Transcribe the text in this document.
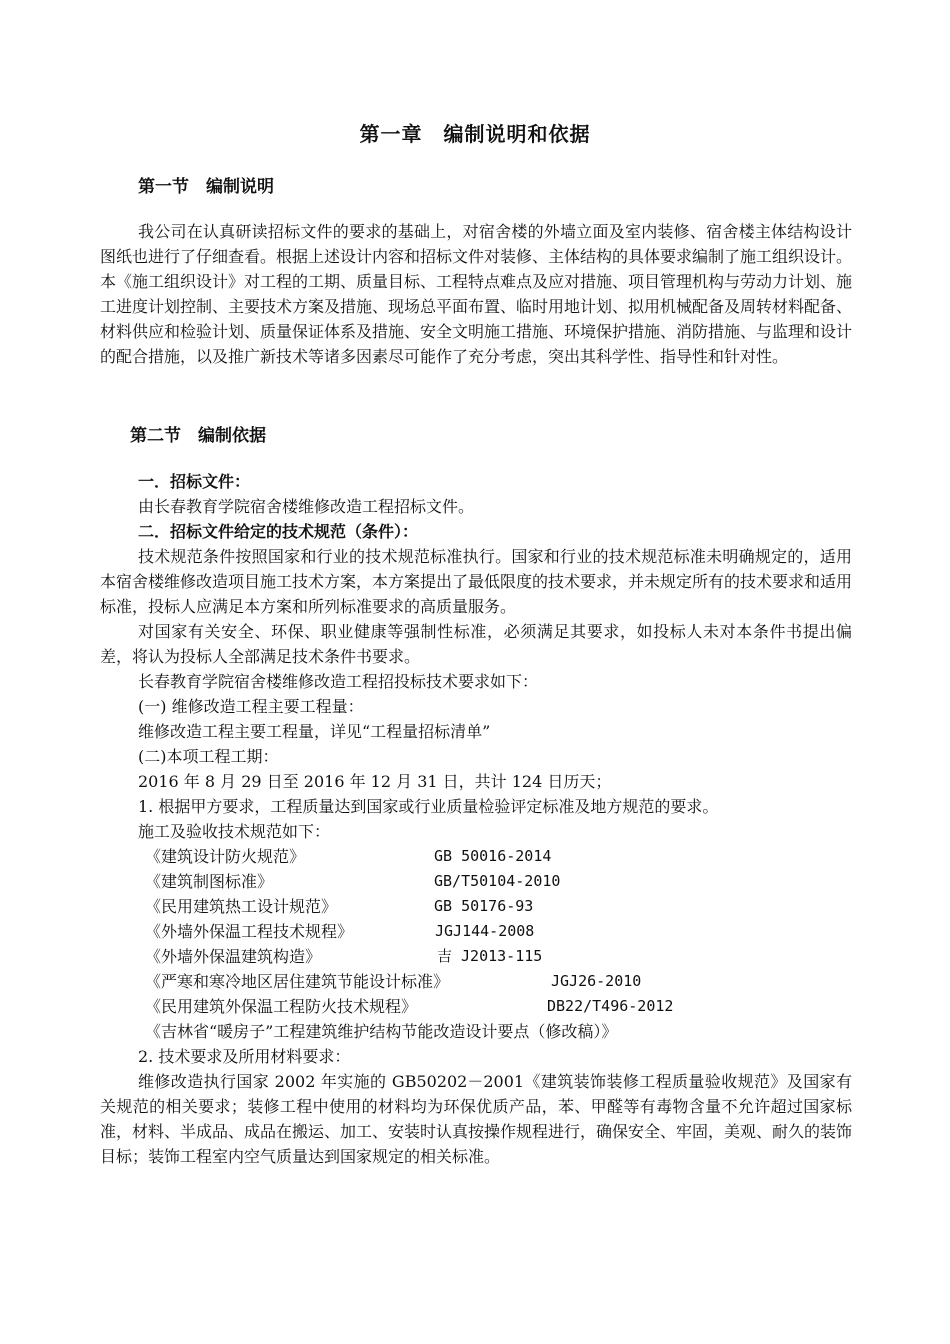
第一章　编制说明和依据
第一节　编制说明

我公司在认真研读招标文件的要求的基础上，对宿舍楼的外墙立面及室内装修、宿舍楼主体结构设计图纸也进行了仔细查看。根据上述设计内容和招标文件对装修、主体结构的具体要求编制了施工组织设计。本《施工组织设计》对工程的工期、质量目标、工程特点难点及应对措施、项目管理机构与劳动力计划、施工进度计划控制、主要技术方案及措施、现场总平面布置、临时用地计划、拟用机械配备及周转材料配备、材料供应和检验计划、质量保证体系及措施、安全文明施工措施、环境保护措施、消防措施、与监理和设计的配合措施，以及推广新技术等诸多因素尽可能作了充分考虑，突出其科学性、指导性和针对性。

第二节　编制依据
一．招标文件：
由长春教育学院宿舍楼维修改造工程招标文件。
二．招标文件给定的技术规范（条件）：

技术规范条件按照国家和行业的技术规范标准执行。国家和行业的技术规范标准未明确规定的，适用本宿舍楼维修改造项目施工技术方案，本方案提出了最低限度的技术要求，并未规定所有的技术要求和适用标准，投标人应满足本方案和所列标准要求的高质量服务。

对国家有关安全、环保、职业健康等强制性标准，必须满足其要求，如投标人未对本条件书提出偏差，将认为投标人全部满足技术条件书要求。

长春教育学院宿舍楼维修改造工程招投标技术要求如下：
(一) 维修改造工程主要工程量：
维修改造工程主要工程量，详见“工程量招标清单”
(二)本项工程工期：
2016 年 8 月 29 日至 2016 年 12 月 31 日，共计 124 日历天；
1. 根据甲方要求，工程质量达到国家或行业质量检验评定标准及地方规范的要求。
施工及验收技术规范如下：
《建筑设计防火规范》	GB 50016-2014
《建筑制图标准》	GB/T50104-2010
《民用建筑热工设计规范》	GB 50176-93
《外墙外保温工程技术规程》	JGJ144-2008
《外墙外保温建筑构造》	吉 J2013-115
《严寒和寒冷地区居住建筑节能设计标准》	JGJ26-2010
《民用建筑外保温工程防火技术规程》	DB22/T496-2012
《吉林省“暖房子”工程建筑维护结构节能改造设计要点（修改稿）》
2. 技术要求及所用材料要求：

维修改造执行国家 2002 年实施的 GB50202－2001《建筑装饰装修工程质量验收规范》及国家有关规范的相关要求；装修工程中使用的材料均为环保优质产品，苯、甲醛等有毒物含量不允许超过国家标准，材料、半成品、成品在搬运、加工、安装时认真按操作规程进行，确保安全、牢固，美观、耐久的装饰目标；装饰工程室内空气质量达到国家规定的相关标准。
